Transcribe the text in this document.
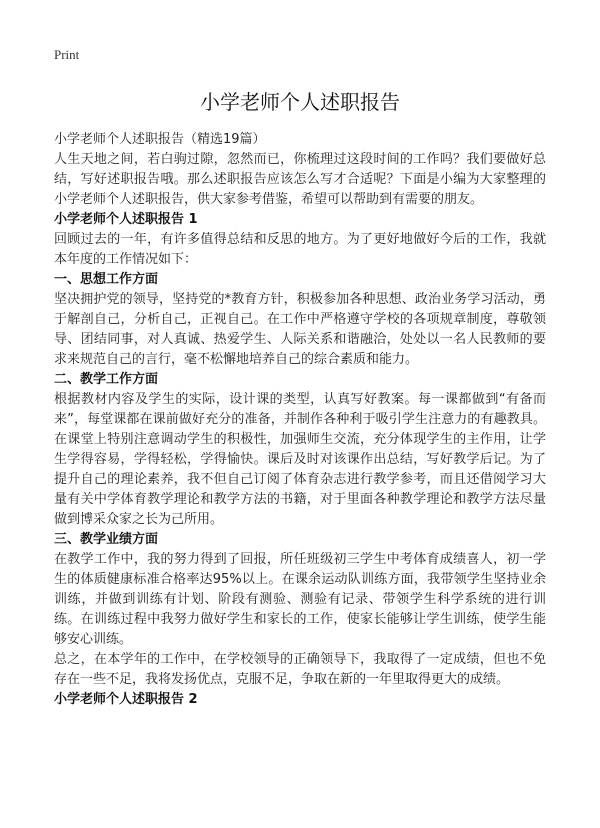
Print
小学老师个人述职报告
小学老师个人述职报告（精选19篇）

人生天地之间，若白驹过隙，忽然而已，你梳理过这段时间的工作吗？我们要做好总结，写好述职报告哦。那么述职报告应该怎么写才合适呢？下面是小编为大家整理的小学老师个人述职报告，供大家参考借鉴，希望可以帮助到有需要的朋友。

小学老师个人述职报告 1

回顾过去的一年，有许多值得总结和反思的地方。为了更好地做好今后的工作，我就本年度的工作情况如下：

一、思想工作方面

坚决拥护党的领导，坚持党的*教育方针，积极参加各种思想、政治业务学习活动，勇于解剖自己，分析自己，正视自己。在工作中严格遵守学校的各项规章制度，尊敬领导、团结同事，对人真诚、热爱学生、人际关系和谐融洽，处处以一名人民教师的要求来规范自己的言行，毫不松懈地培养自己的综合素质和能力。

二、教学工作方面

根据教材内容及学生的实际，设计课的类型，认真写好教案。每一课都做到“有备而来”，每堂课都在课前做好充分的准备，并制作各种利于吸引学生注意力的有趣教具。在课堂上特别注意调动学生的积极性，加强师生交流，充分体现学生的主作用，让学生学得容易，学得轻松，学得愉快。课后及时对该课作出总结，写好教学后记。为了提升自己的理论素养，我不但自己订阅了体育杂志进行教学参考，而且还借阅学习大量有关中学体育教学理论和教学方法的书籍，对于里面各种教学理论和教学方法尽量做到博采众家之长为己所用。

三、教学业绩方面

在教学工作中，我的努力得到了回报，所任班级初三学生中考体育成绩喜人，初一学生的体质健康标准合格率达95%以上。在课余运动队训练方面，我带领学生坚持业余训练，并做到训练有计划、阶段有测验、测验有记录、带领学生科学系统的进行训练。在训练过程中我努力做好学生和家长的工作，使家长能够让学生训练，使学生能够安心训练。

总之，在本学年的工作中，在学校领导的正确领导下，我取得了一定成绩，但也不免存在一些不足，我将发扬优点，克服不足，争取在新的一年里取得更大的成绩。

小学老师个人述职报告 2
